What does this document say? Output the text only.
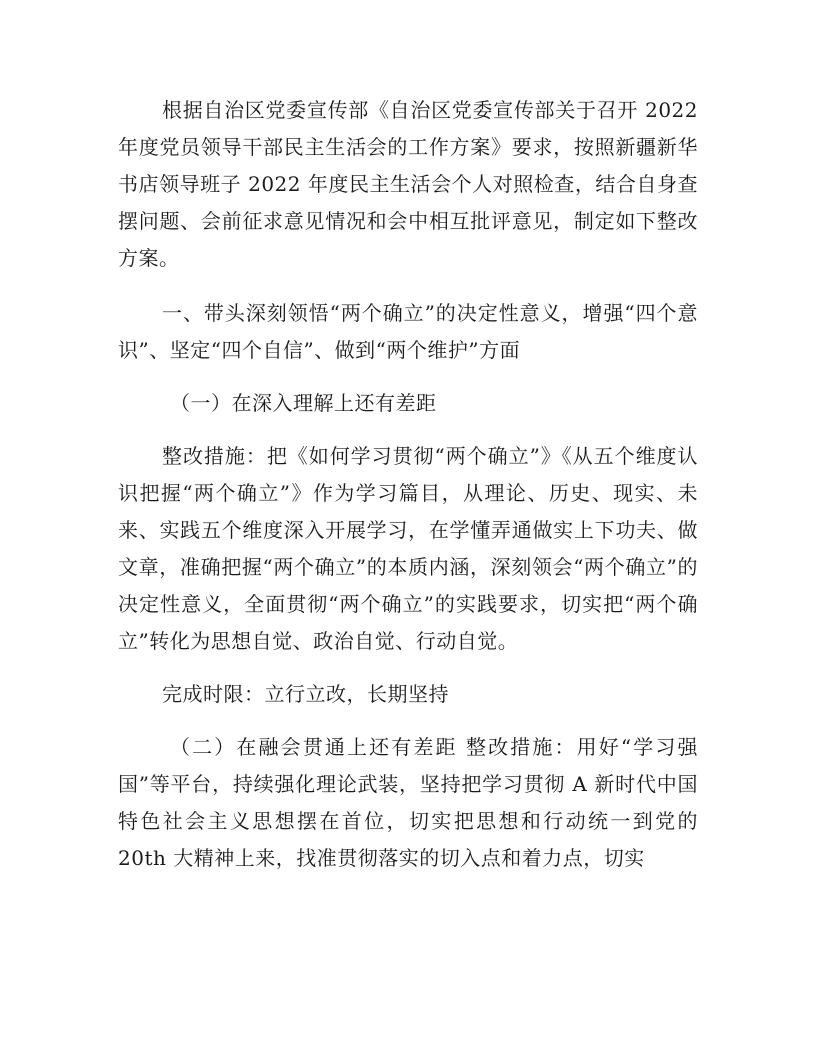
根据自治区党委宣传部《自治区党委宣传部关于召开 2022 年度党员领导干部民主生活会的工作方案》要求，按照新疆新华书店领导班子 2022 年度民主生活会个人对照检查，结合自身查摆问题、会前征求意见情况和会中相互批评意见，制定如下整改方案。

一、带头深刻领悟“两个确立”的决定性意义，增强“四个意识”、坚定“四个自信”、做到“两个维护”方面

（一）在深入理解上还有差距

整改措施：把《如何学习贯彻“两个确立”》《从五个维度认识把握“两个确立”》作为学习篇目，从理论、历史、现实、未来、实践五个维度深入开展学习，在学懂弄通做实上下功夫、做文章，准确把握“两个确立”的本质内涵，深刻领会“两个确立”的决定性意义，全面贯彻“两个确立”的实践要求，切实把“两个确立”转化为思想自觉、政治自觉、行动自觉。

完成时限：立行立改，长期坚持

（二）在融会贯通上还有差距 整改措施：用好“学习强国”等平台，持续强化理论武装，坚持把学习贯彻 A 新时代中国特色社会主义思想摆在首位，切实把思想和行动统一到党的 20th 大精神上来，找准贯彻落实的切入点和着力点，切实
